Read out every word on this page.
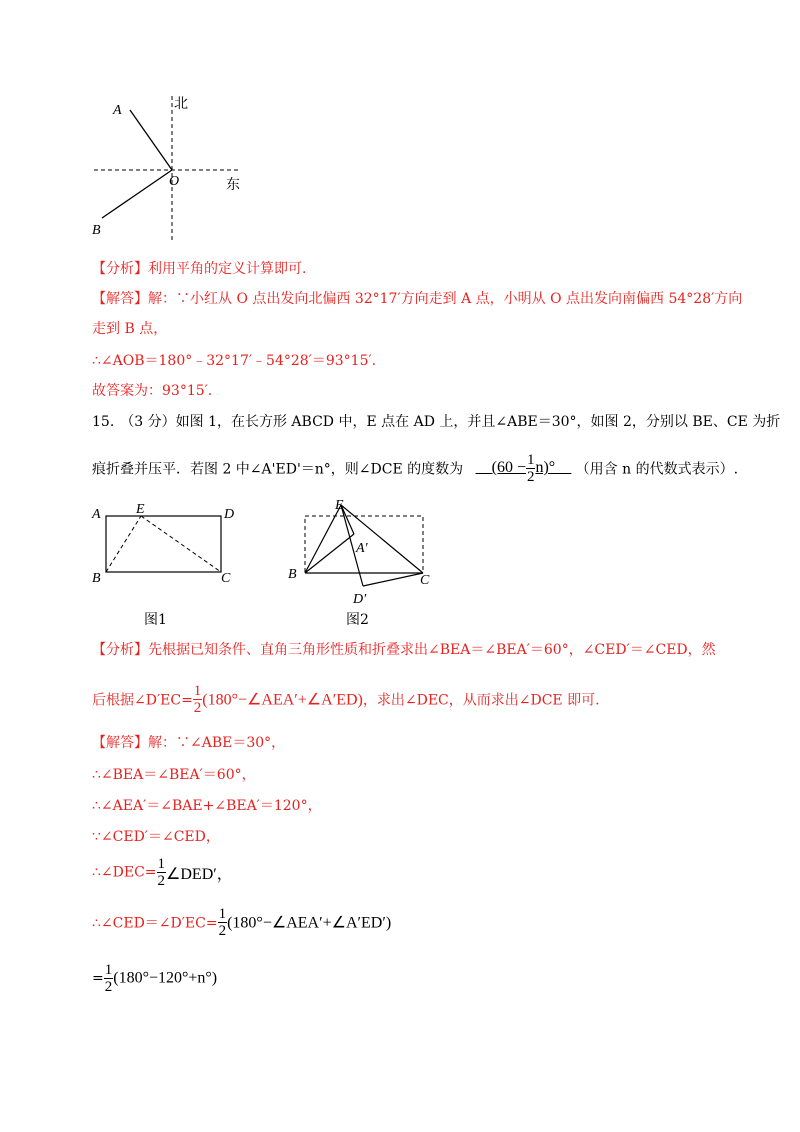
A	北
O	东
B
【分析】利用平角的定义计算即可.
【解答】解：∵小红从 O 点出发向北偏西 32°17′方向走到 A 点，小明从 O 点出发向南偏西 54°28′方向
走到 B 点，
∴∠AOB＝180°﹣32°17′﹣54°28′＝93°15′.
故答案为：93°15′.
15. （3 分）如图 1，在长方形 ABCD 中，E 点在 AD 上，并且∠ABE＝30°，如图 2，分别以 BE、CE 为折
痕折叠并压平．若图 2 中∠A'ED'＝n°，则∠DCE 的度数为 __(60 − $\frac{1}{2}$ n)°__ （用含 n 的代数式表示）.
A	E	D
B	C
图1
E
A′
B	C
D′
图2
【分析】先根据已知条件、直角三角形性质和折叠求出∠BEA＝∠BEA′＝60°，∠CED′＝∠CED，然
后根据∠D′EC= $\frac{1}{2}$ (180°−∠AEA′+∠A′ED)，求出∠DEC，从而求出∠DCE 即可.
【解答】解：∵∠ABE＝30°，
∴∠BEA＝∠BEA′＝60°，
∴∠AEA′＝∠BAE+∠BEA′＝120°，
∵∠CED′＝∠CED，
∴∠DEC= $\frac{1}{2}$ ∠DED′，
∴∠CED＝∠D′EC= $\frac{1}{2}$ (180°−∠AEA′+∠A′ED′)
= $\frac{1}{2} (180^\circ-120^\circ+n^\circ)$
